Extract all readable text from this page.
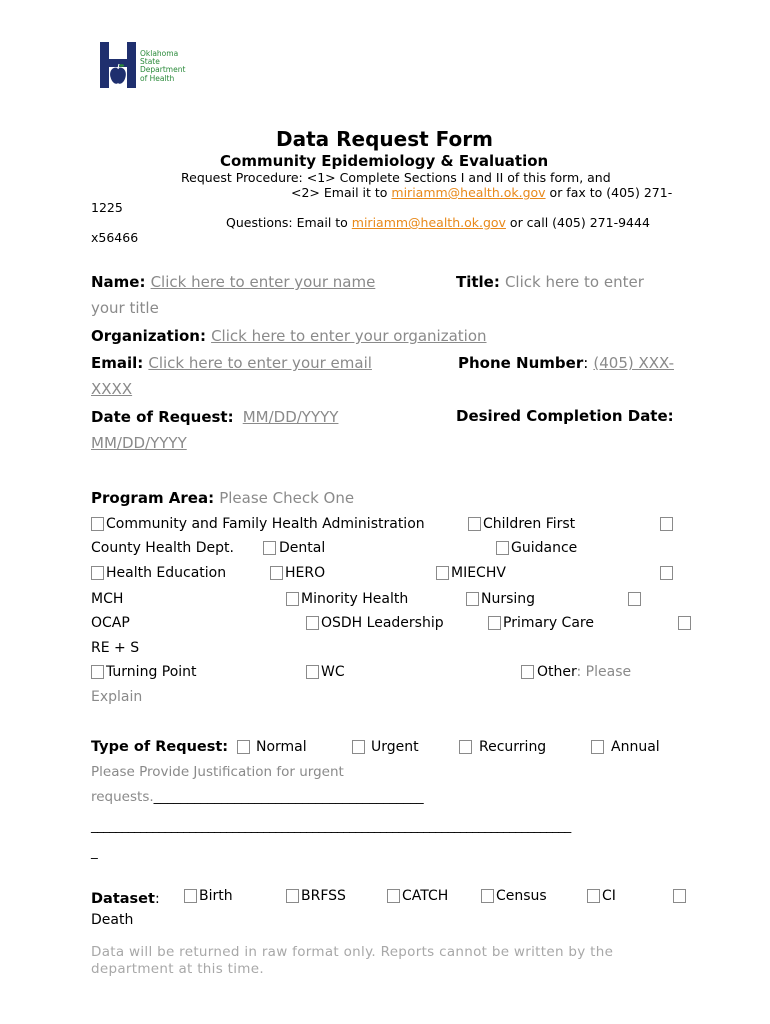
Oklahoma
State
Department
of Health
Data Request Form
Community Epidemiology & Evaluation
Request Procedure: <1> Complete Sections I and II of this form, and
<2> Email it to miriamm@health.ok.gov or fax to (405) 271-
1225
Questions: Email to miriamm@health.ok.gov or call (405) 271-9444
x56466
Name: Click here to enter your name	Title: Click here to enter
your title
Organization: Click here to enter your organization
Email: Click here to enter your email	Phone Number: (405) XXX-
XXXX
Date of Request: MM/DD/YYYY	Desired Completion Date:
MM/DD/YYYY
Program Area: Please Check One
Community and Family Health Administration	Children First
County Health Dept.	Dental	Guidance
Health Education	HERO	MIECHV
MCH	Minority Health	Nursing
OCAP	OSDH Leadership	Primary Care
RE + S
Turning Point	WC	Other: Please
Explain
Type of Request: Normal	Urgent	Recurring	Annual
Please Provide Justification for urgent
requests.________________________________________
______________________________________________________________________________
_
Dataset:	Birth	BRFSS	CATCH	Census	CI
Death
Data will be returned in raw format only. Reports cannot be written by the department at this time.
